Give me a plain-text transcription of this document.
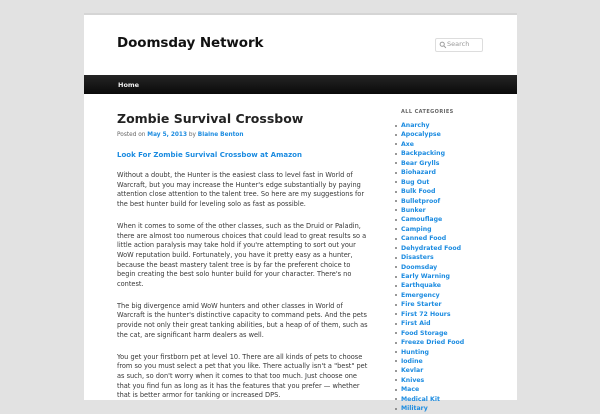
Doomsday Network	Search
Home
Zombie Survival Crossbow
Posted on May 5, 2013 by Blaine Benton
Look For Zombie Survival Crossbow at Amazon

Without a doubt, the Hunter is the easiest class to level fast in World of Warcraft, but you may increase the Hunter's edge substantially by paying attention close attention to the talent tree. So here are my suggestions for the best hunter build for leveling solo as fast as possible.

When it comes to some of the other classes, such as the Druid or Paladin, there are almost too numerous choices that could lead to great results so a little action paralysis may take hold if you're attempting to sort out your WoW reputation build. Fortunately, you have it pretty easy as a hunter, because the beast mastery talent tree is by far the preferent choice to begin creating the best solo hunter build for your character. There's no contest.

The big divergence amid WoW hunters and other classes in World of Warcraft is the hunter's distinctive capacity to command pets. And the pets provide not only their great tanking abilities, but a heap of of them, such as the cat, are significant harm dealers as well.

You get your firstborn pet at level 10. There are all kinds of pets to choose from so you must select a pet that you like. There actually isn't a "best" pet as such, so don't worry when it comes to that too much. Just choose one that you find fun as long as it has the features that you prefer — whether that is better armor for tanking or increased DPS.

ALL CATEGORIES
Anarchy
Apocalypse
Axe
Backpacking
Bear Grylls
Biohazard
Bug Out
Bulk Food
Bulletproof
Bunker
Camouflage
Camping
Canned Food
Dehydrated Food
Disasters
Doomsday
Early Warning
Earthquake
Emergency
Fire Starter
First 72 Hours
First Aid
Food Storage
Freeze Dried Food
Hunting
Iodine
Kevlar
Knives
Mace
Medical Kit
Military
